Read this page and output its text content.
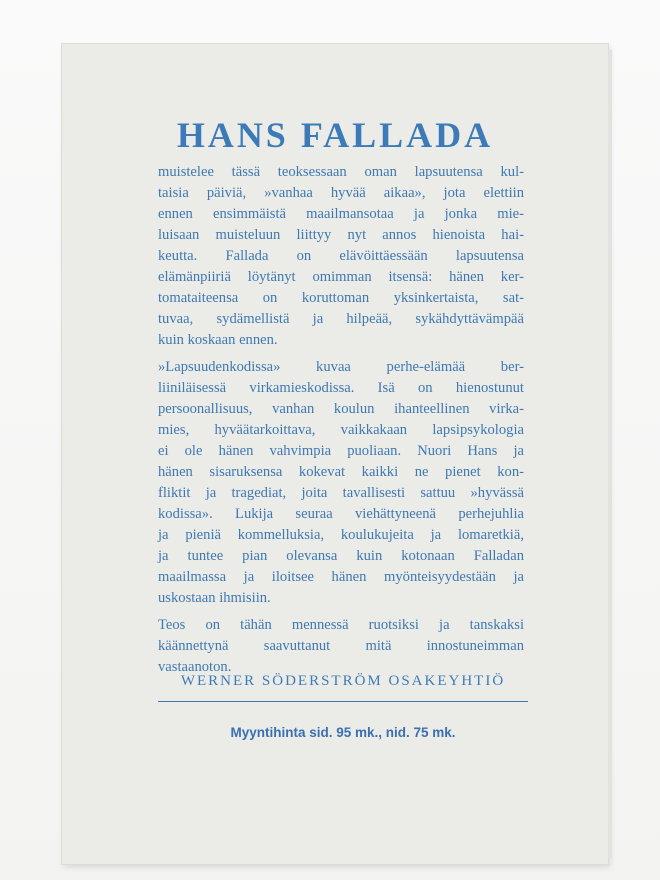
HANS FALLADA
muistelee tässä teoksessaan oman lapsuutensa kul-
taisia päiviä, »vanhaa hyvää aikaa», jota elettiin
ennen ensimmäistä maailmansotaa ja jonka mie-
luisaan muisteluun liittyy nyt annos hienoista hai-
keutta. Fallada on elävöittäessään lapsuutensa
elämänpiiriä löytänyt omimman itsensä: hänen ker-
tomataiteensa on koruttoman yksinkertaista, sat-
tuvaa, sydämellistä ja hilpeää, sykähdyttävämpää
kuin koskaan ennen.
»Lapsuudenkodissa» kuvaa perhe-elämää ber-
liiniläisessä virkamieskodissa. Isä on hienostunut
persoonallisuus, vanhan koulun ihanteellinen virka-
mies, hyväätarkoittava, vaikkakaan lapsipsykologia
ei ole hänen vahvimpia puoliaan. Nuori Hans ja
hänen sisaruksensa kokevat kaikki ne pienet kon-
fliktit ja tragediat, joita tavallisesti sattuu »hyvässä
kodissa». Lukija seuraa viehättyneenä perhejuhlia
ja pieniä kommelluksia, koulukujeita ja lomaretkiä,
ja tuntee pian olevansa kuin kotonaan Falladan
maailmassa ja iloitsee hänen myönteisyydestään ja
uskostaan ihmisiin.
Teos on tähän mennessä ruotsiksi ja tanskaksi
käännettynä saavuttanut mitä innostuneimman
vastaanoton.
WERNER SÖDERSTRÖM OSAKEYHTIÖ
Myyntihinta sid. 95 mk., nid. 75 mk.
